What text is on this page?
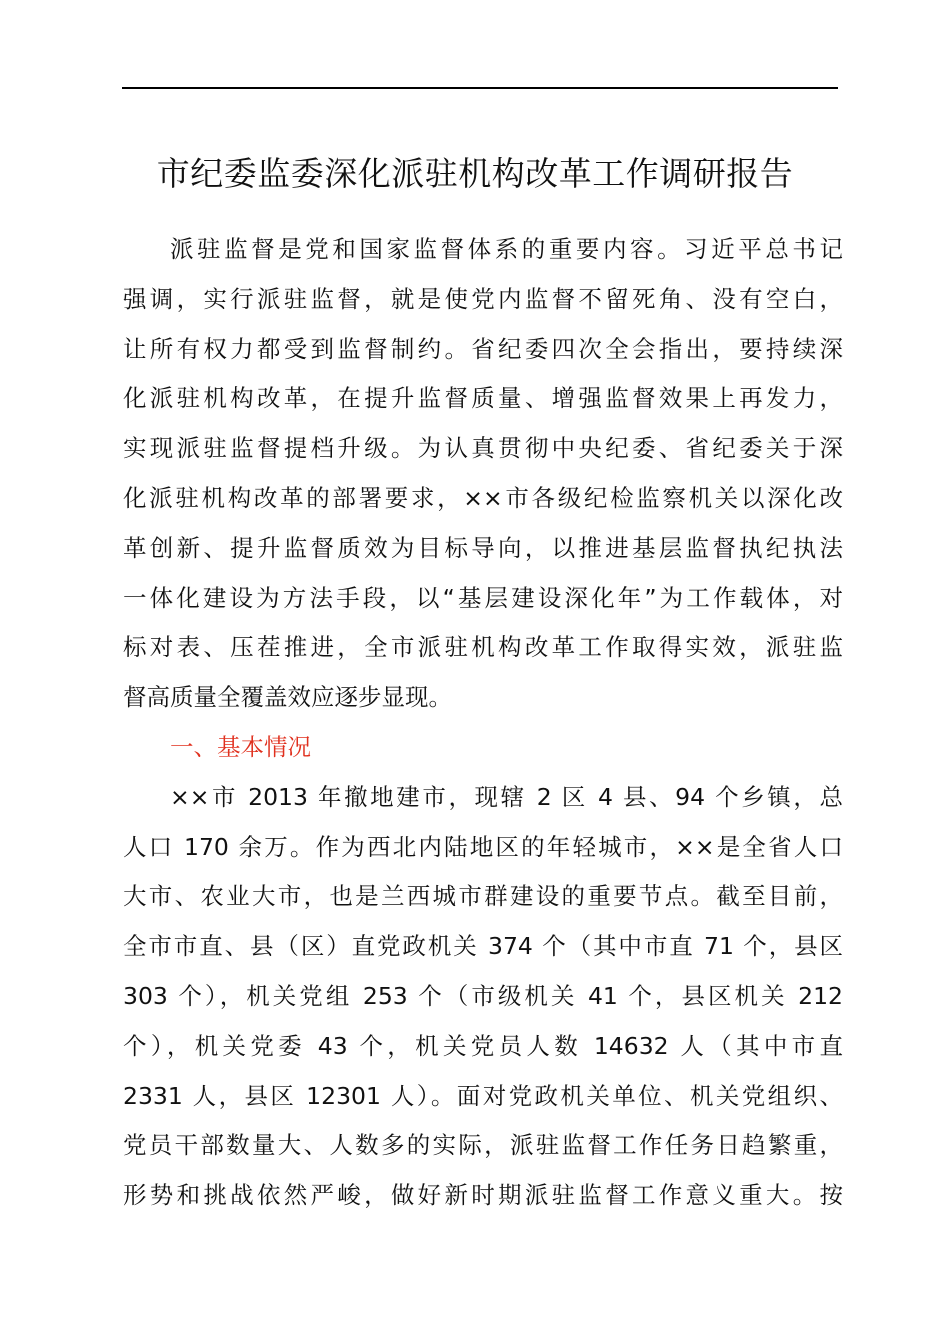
市纪委监委深化派驻机构改革工作调研报告
派驻监督是党和国家监督体系的重要内容。习近平总书记
强调，实行派驻监督，就是使党内监督不留死角、没有空白，
让所有权力都受到监督制约。省纪委四次全会指出，要持续深
化派驻机构改革，在提升监督质量、增强监督效果上再发力，
实现派驻监督提档升级。为认真贯彻中央纪委、省纪委关于深
化派驻机构改革的部署要求，××市各级纪检监察机关以深化改
革创新、提升监督质效为目标导向，以推进基层监督执纪执法
一体化建设为方法手段，以“基层建设深化年”为工作载体，对
标对表、压茬推进，全市派驻机构改革工作取得实效，派驻监
督高质量全覆盖效应逐步显现。
一、基本情况
××市 2013 年撤地建市，现辖 2 区 4 县、94 个乡镇，总
人口 170 余万。作为西北内陆地区的年轻城市，××是全省人口
大市、农业大市，也是兰西城市群建设的重要节点。截至目前，
全市市直、县（区）直党政机关 374 个（其中市直 71 个，县区
303 个），机关党组 253 个（市级机关 41 个，县区机关 212
个），机关党委 43 个，机关党员人数 14632 人（其中市直
2331 人，县区 12301 人）。面对党政机关单位、机关党组织、
党员干部数量大、人数多的实际，派驻监督工作任务日趋繁重，
形势和挑战依然严峻，做好新时期派驻监督工作意义重大。按
